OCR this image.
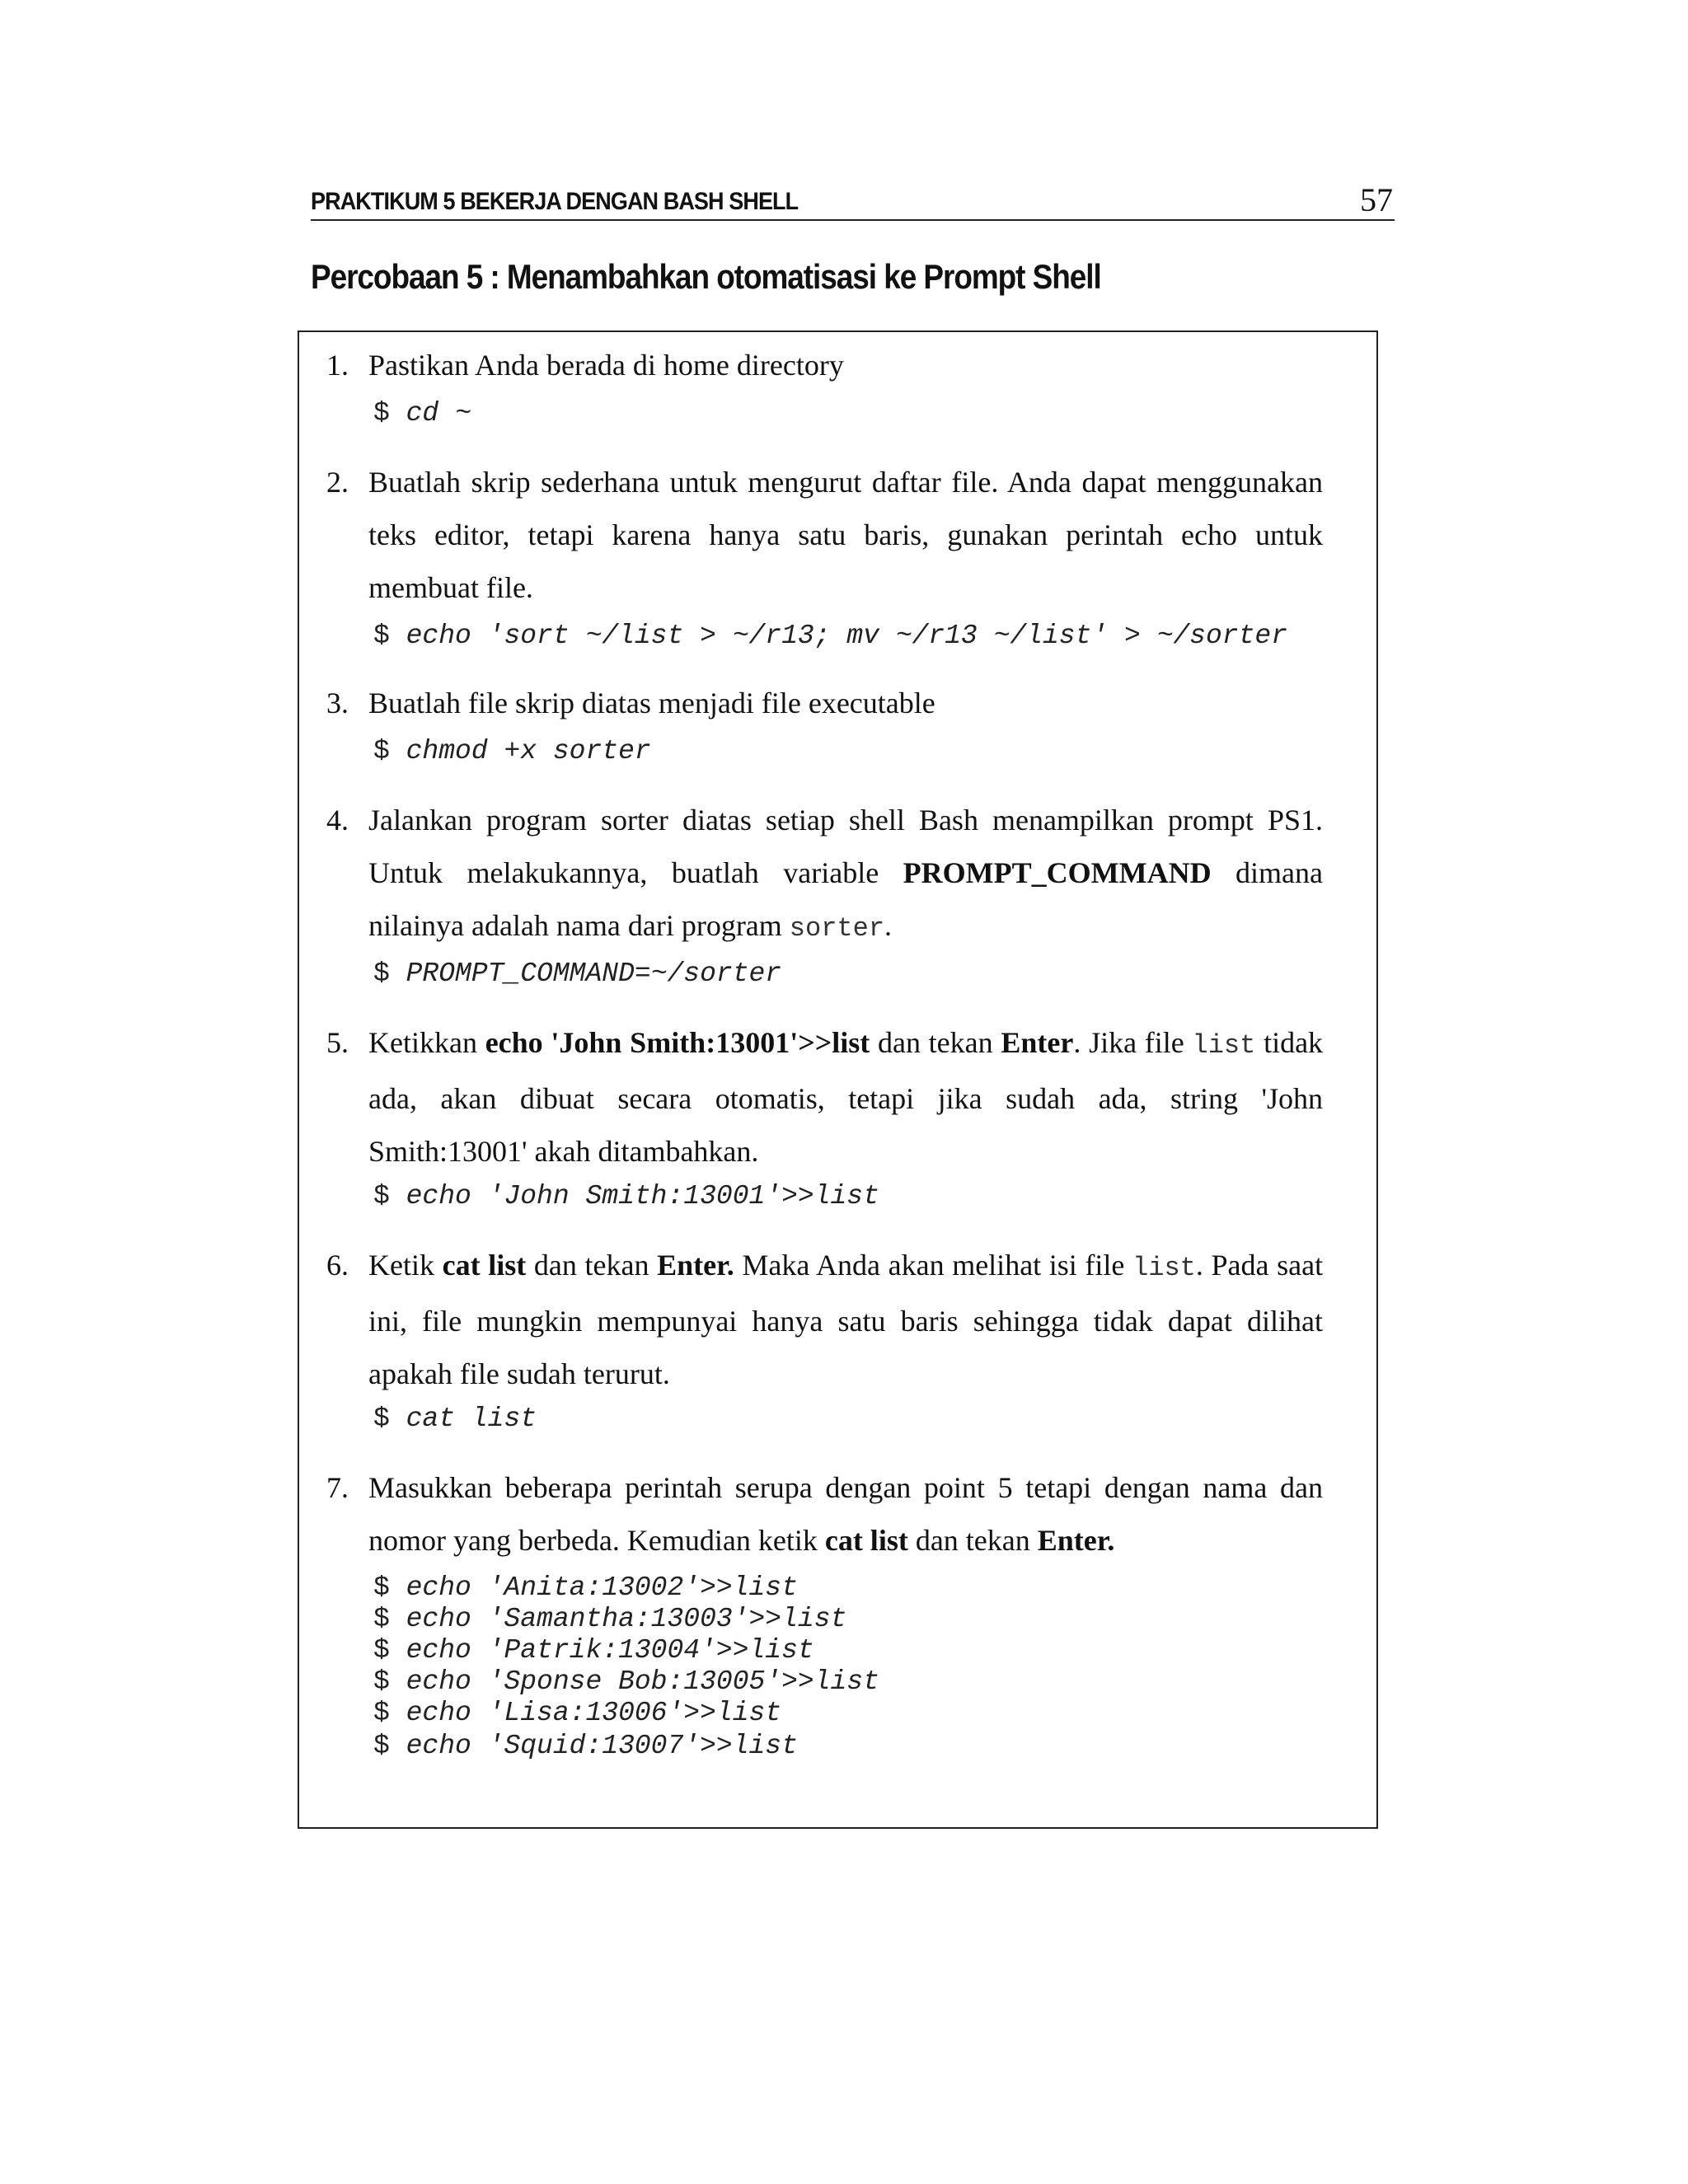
PRAKTIKUM 5 BEKERJA DENGAN BASH SHELL	57
Percobaan 5 : Menambahkan otomatisasi ke Prompt Shell
1. Pastikan Anda berada di home directory
$ cd ~
2. Buatlah skrip sederhana untuk mengurut daftar file. Anda dapat menggunakan teks editor, tetapi karena hanya satu baris, gunakan perintah echo untuk membuat file.
$ echo 'sort ~/list > ~/r13; mv ~/r13 ~/list' > ~/sorter
3. Buatlah file skrip diatas menjadi file executable
$ chmod +x sorter
4. Jalankan program sorter diatas setiap shell Bash menampilkan prompt PS1. Untuk melakukannya, buatlah variable PROMPT_COMMAND dimana nilainya adalah nama dari program sorter.
$ PROMPT_COMMAND=~/sorter
5. Ketikkan echo 'John Smith:13001'>>list dan tekan Enter. Jika file list tidak ada, akan dibuat secara otomatis, tetapi jika sudah ada, string 'John Smith:13001' akah ditambahkan.
$ echo 'John Smith:13001'>>list
6. Ketik cat list dan tekan Enter. Maka Anda akan melihat isi file list. Pada saat ini, file mungkin mempunyai hanya satu baris sehingga tidak dapat dilihat apakah file sudah terurut.
$ cat list
7. Masukkan beberapa perintah serupa dengan point 5 tetapi dengan nama dan nomor yang berbeda. Kemudian ketik cat list dan tekan Enter.
$ echo 'Anita:13002'>>list
$ echo 'Samantha:13003'>>list
$ echo 'Patrik:13004'>>list
$ echo 'Sponse Bob:13005'>>list
$ echo 'Lisa:13006'>>list
$ echo 'Squid:13007'>>list
